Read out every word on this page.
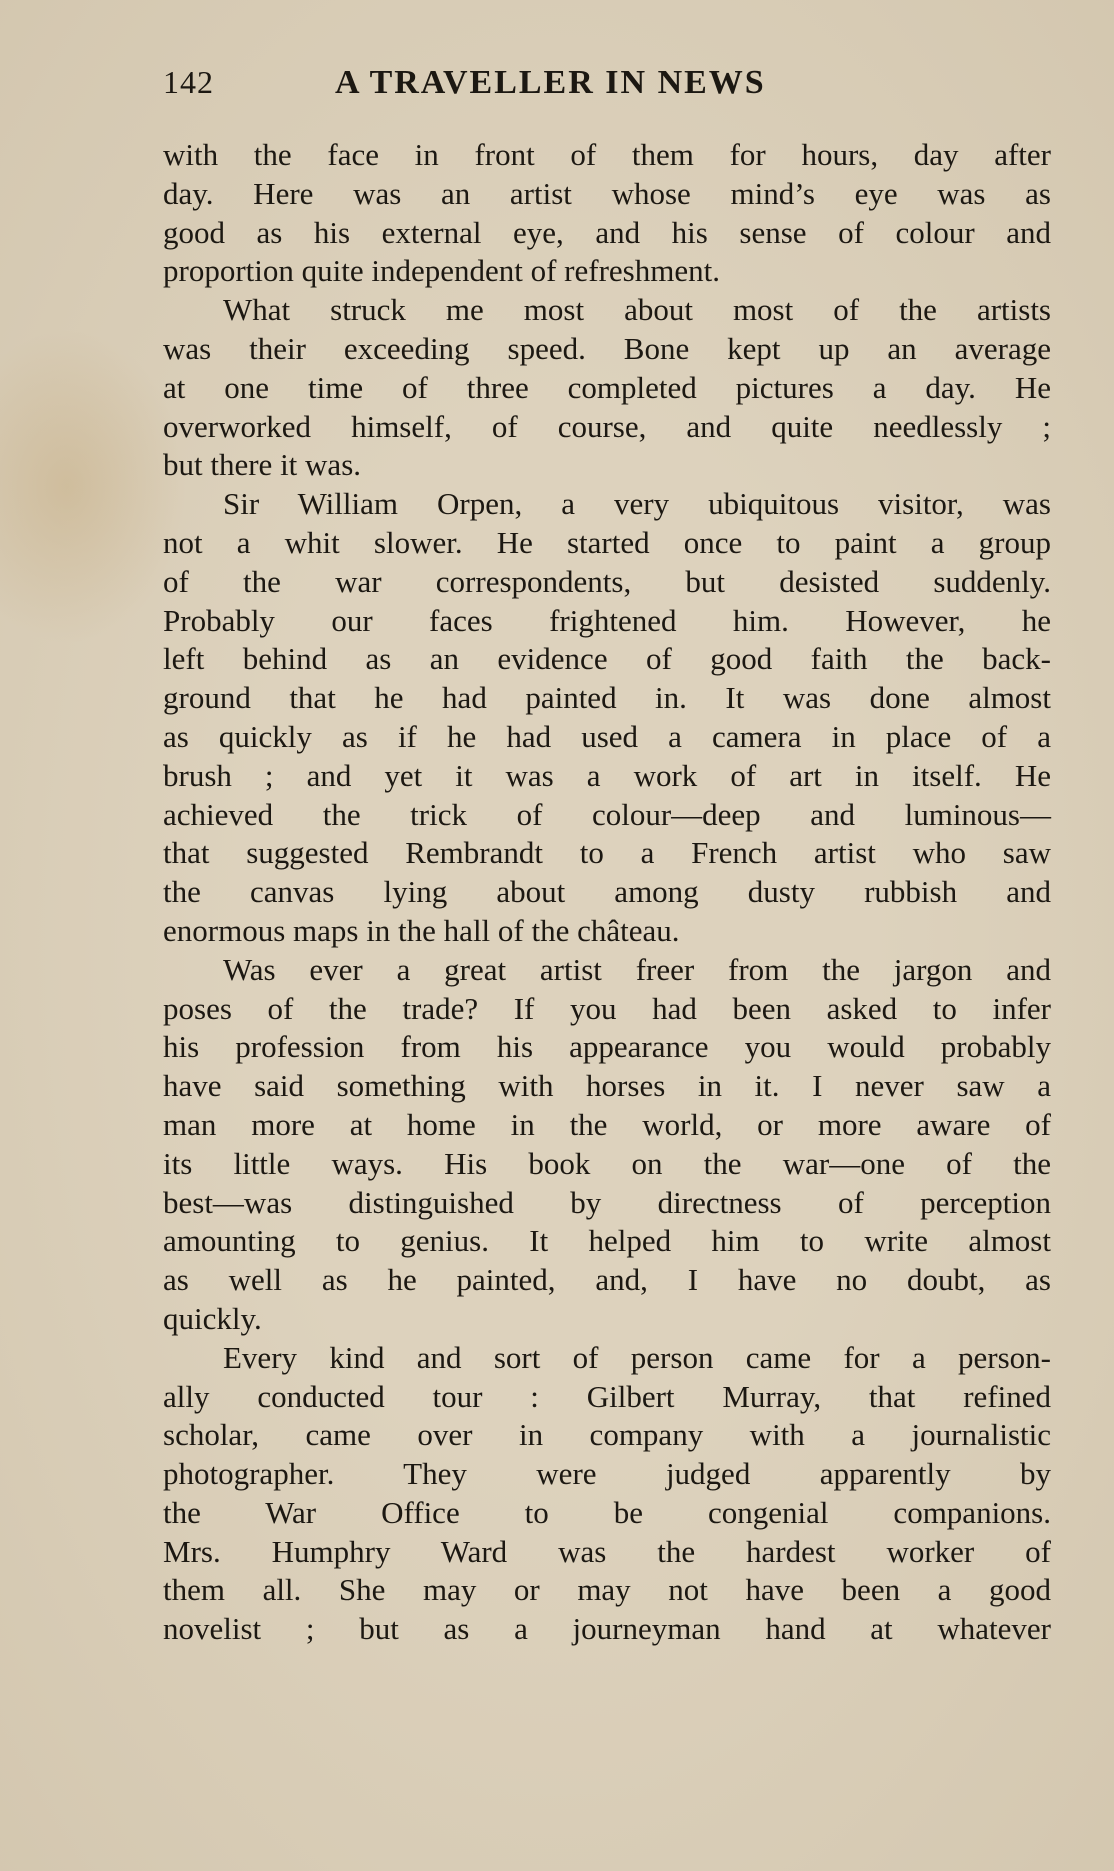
142	A TRAVELLER IN NEWS
with the face in front of them for hours, day after
day. Here was an artist whose mind’s eye was as
good as his external eye, and his sense of colour and
proportion quite independent of refreshment.
What struck me most about most of the artists
was their exceeding speed. Bone kept up an average
at one time of three completed pictures a day. He
overworked himself, of course, and quite needlessly ;
but there it was.
Sir William Orpen, a very ubiquitous visitor, was
not a whit slower. He started once to paint a group
of the war correspondents, but desisted suddenly.
Probably our faces frightened him. However, he
left behind as an evidence of good faith the back-
ground that he had painted in. It was done almost
as quickly as if he had used a camera in place of a
brush ; and yet it was a work of art in itself. He
achieved the trick of colour—deep and luminous—
that suggested Rembrandt to a French artist who saw
the canvas lying about among dusty rubbish and
enormous maps in the hall of the château.
Was ever a great artist freer from the jargon and
poses of the trade? If you had been asked to infer
his profession from his appearance you would probably
have said something with horses in it. I never saw a
man more at home in the world, or more aware of
its little ways. His book on the war—one of the
best—was distinguished by directness of perception
amounting to genius. It helped him to write almost
as well as he painted, and, I have no doubt, as
quickly.
Every kind and sort of person came for a person-
ally conducted tour : Gilbert Murray, that refined
scholar, came over in company with a journalistic
photographer. They were judged apparently by
the War Office to be congenial companions.
Mrs. Humphry Ward was the hardest worker of
them all. She may or may not have been a good
novelist ; but as a journeyman hand at whatever
